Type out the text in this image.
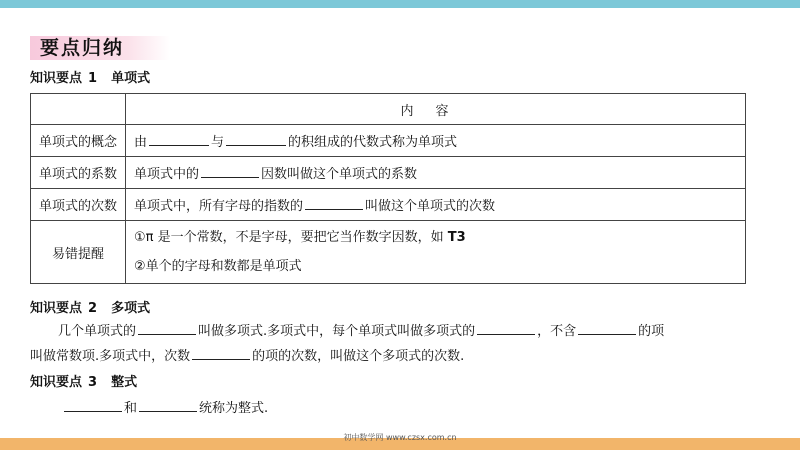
要点归纳
知识要点 1 单项式
	内容
单项式的概念	由 与 的积组成的代数式称为单项式
单项式的系数	单项式中的 因数叫做这个单项式的系数
单项式的次数	单项式中，所有字母的指数的 叫做这个单项式的次数
易错提醒	①π 是一个常数，不是字母，要把它当作数字因数，如 T3
②单个的字母和数都是单项式
知识要点 2 多项式
几个单项式的	叫做多项式.多项式中，每个单项式叫做多项式的	，不含	的项
叫做常数项.多项式中，次数	的项的次数，叫做这个多项式的次数.
知识要点 3 整式
和	统称为整式.
初中数学网 www.czsx.com.cn
